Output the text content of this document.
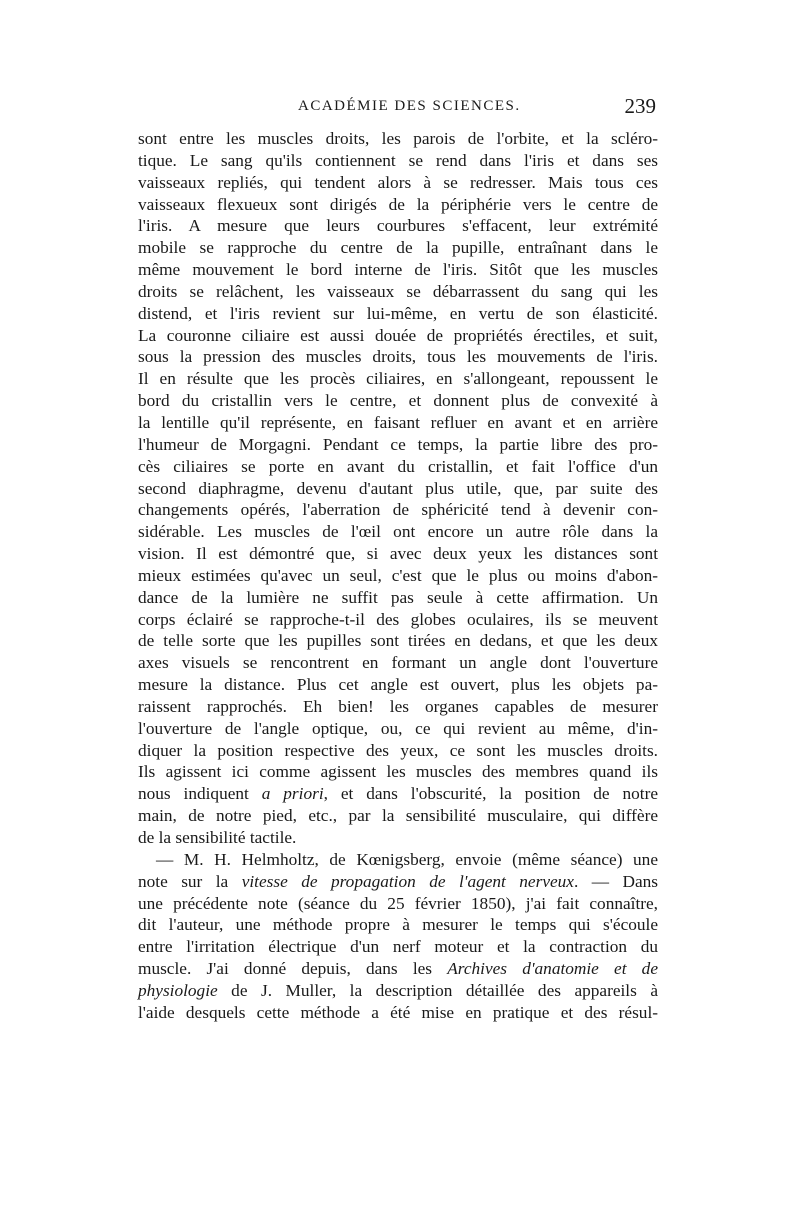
ACADÉMIE DES SCIENCES.	239
sont entre les muscles droits, les parois de l'orbite, et la scléro-
tique. Le sang qu'ils contiennent se rend dans l'iris et dans ses
vaisseaux repliés, qui tendent alors à se redresser. Mais tous ces
vaisseaux flexueux sont dirigés de la périphérie vers le centre de
l'iris. A mesure que leurs courbures s'effacent, leur extrémité
mobile se rapproche du centre de la pupille, entraînant dans le
même mouvement le bord interne de l'iris. Sitôt que les muscles
droits se relâchent, les vaisseaux se débarrassent du sang qui les
distend, et l'iris revient sur lui-même, en vertu de son élasticité.
La couronne ciliaire est aussi douée de propriétés érectiles, et suit,
sous la pression des muscles droits, tous les mouvements de l'iris.
Il en résulte que les procès ciliaires, en s'allongeant, repoussent le
bord du cristallin vers le centre, et donnent plus de convexité à
la lentille qu'il représente, en faisant refluer en avant et en arrière
l'humeur de Morgagni. Pendant ce temps, la partie libre des pro-
cès ciliaires se porte en avant du cristallin, et fait l'office d'un
second diaphragme, devenu d'autant plus utile, que, par suite des
changements opérés, l'aberration de sphéricité tend à devenir con-
sidérable. Les muscles de l'œil ont encore un autre rôle dans la
vision. Il est démontré que, si avec deux yeux les distances sont
mieux estimées qu'avec un seul, c'est que le plus ou moins d'abon-
dance de la lumière ne suffit pas seule à cette affirmation. Un
corps éclairé se rapproche-t-il des globes oculaires, ils se meuvent
de telle sorte que les pupilles sont tirées en dedans, et que les deux
axes visuels se rencontrent en formant un angle dont l'ouverture
mesure la distance. Plus cet angle est ouvert, plus les objets pa-
raissent rapprochés. Eh bien! les organes capables de mesurer
l'ouverture de l'angle optique, ou, ce qui revient au même, d'in-
diquer la position respective des yeux, ce sont les muscles droits.
Ils agissent ici comme agissent les muscles des membres quand ils
nous indiquent a priori, et dans l'obscurité, la position de notre
main, de notre pied, etc., par la sensibilité musculaire, qui diffère
de la sensibilité tactile.
— M. H. Helmholtz, de Kœnigsberg, envoie (même séance) une
note sur la vitesse de propagation de l'agent nerveux. — Dans
une précédente note (séance du 25 février 1850), j'ai fait connaître,
dit l'auteur, une méthode propre à mesurer le temps qui s'écoule
entre l'irritation électrique d'un nerf moteur et la contraction du
muscle. J'ai donné depuis, dans les Archives d'anatomie et de
physiologie de J. Muller, la description détaillée des appareils à
l'aide desquels cette méthode a été mise en pratique et des résul-
